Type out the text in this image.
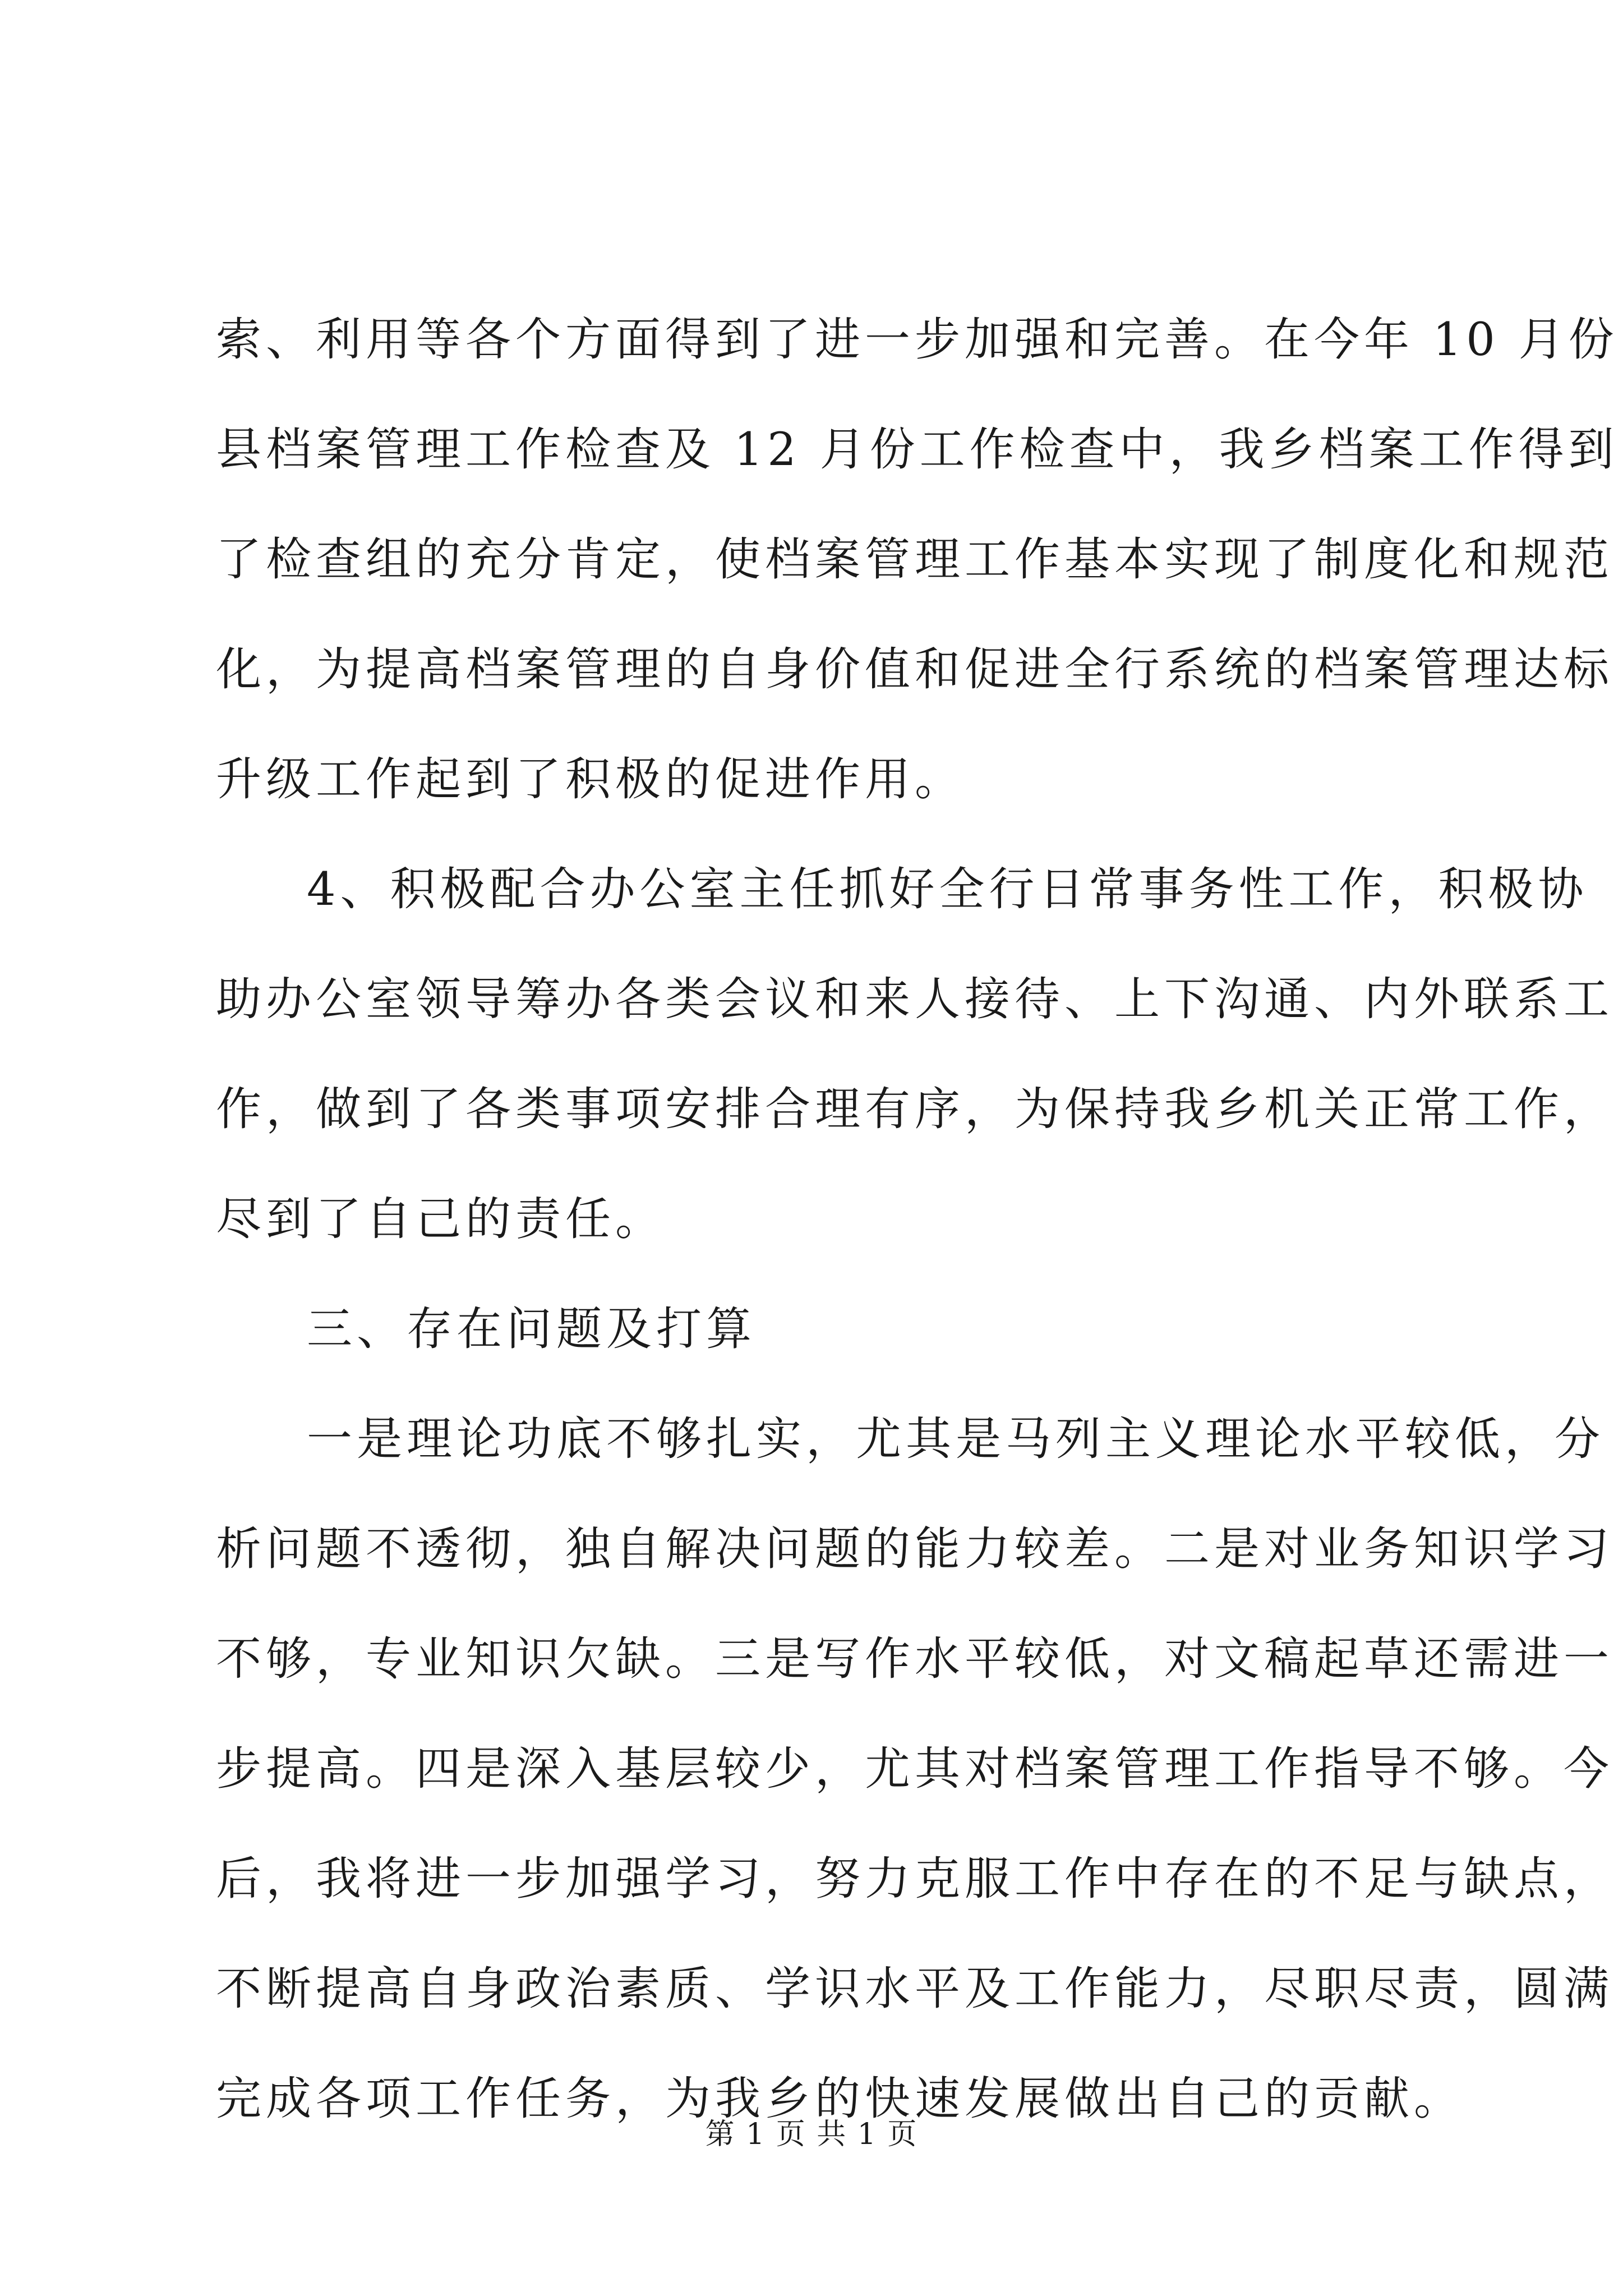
索、利用等各个方面得到了进一步加强和完善。在今年 10 月份
县档案管理工作检查及 12 月份工作检查中，我乡档案工作得到
了检查组的充分肯定，使档案管理工作基本实现了制度化和规范
化，为提高档案管理的自身价值和促进全行系统的档案管理达标
升级工作起到了积极的促进作用。
4、积极配合办公室主任抓好全行日常事务性工作，积极协
助办公室领导筹办各类会议和来人接待、上下沟通、内外联系工
作，做到了各类事项安排合理有序，为保持我乡机关正常工作，
尽到了自己的责任。
三、存在问题及打算
一是理论功底不够扎实，尤其是马列主义理论水平较低，分
析问题不透彻，独自解决问题的能力较差。二是对业务知识学习
不够，专业知识欠缺。三是写作水平较低，对文稿起草还需进一
步提高。四是深入基层较少，尤其对档案管理工作指导不够。今
后，我将进一步加强学习，努力克服工作中存在的不足与缺点，
不断提高自身政治素质、学识水平及工作能力，尽职尽责，圆满
完成各项工作任务，为我乡的快速发展做出自己的贡献。
第 1 页 共 1 页
